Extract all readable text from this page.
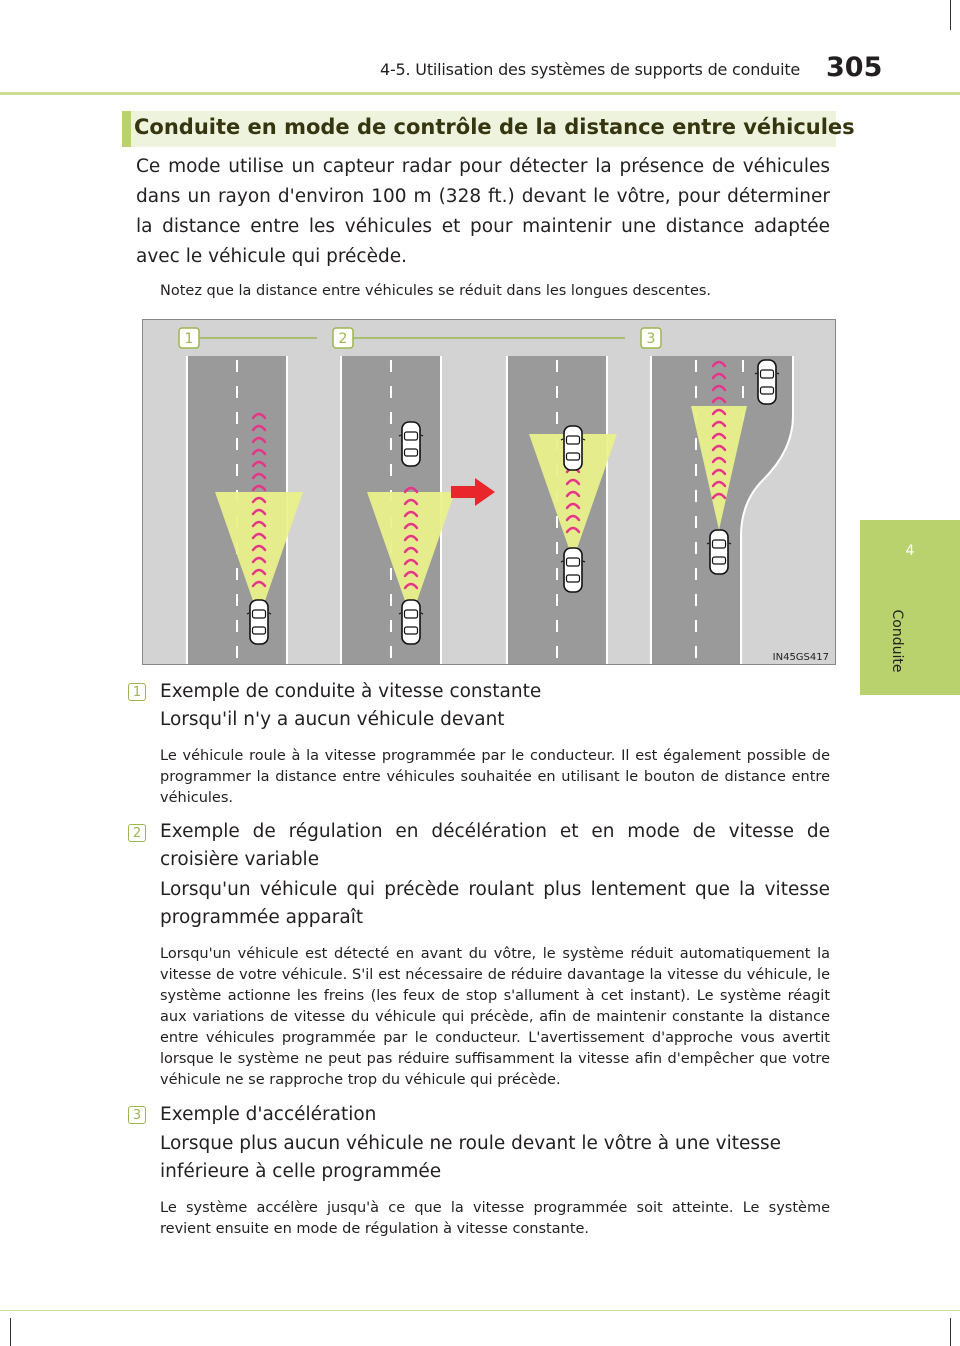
4-5. Utilisation des systèmes de supports de conduite 305
4
Conduite
Conduite en mode de contrôle de la distance entre véhicules
Ce mode utilise un capteur radar pour détecter la présence de véhicules dans un rayon d'environ 100 m (328 ft.) devant le vôtre, pour déterminer la distance entre les véhicules et pour maintenir une distance adaptée avec le véhicule qui précède.
Notez que la distance entre véhicules se réduit dans les longues descentes.
1	2	3
IN45GS417
1 Exemple de conduite à vitesse constante
Lorsqu'il n'y a aucun véhicule devant
Le véhicule roule à la vitesse programmée par le conducteur. Il est également possible de programmer la distance entre véhicules souhaitée en utilisant le bouton de distance entre véhicules.
2 Exemple de régulation en décélération et en mode de vitesse de croisière variable
Lorsqu'un véhicule qui précède roulant plus lentement que la vitesse programmée apparaît
Lorsqu'un véhicule est détecté en avant du vôtre, le système réduit automatiquement la vitesse de votre véhicule. S'il est nécessaire de réduire davantage la vitesse du véhicule, le système actionne les freins (les feux de stop s'allument à cet instant). Le système réagit aux variations de vitesse du véhicule qui précède, afin de maintenir constante la distance entre véhicules programmée par le conducteur. L'avertissement d'approche vous avertit lorsque le système ne peut pas réduire suffisamment la vitesse afin d'empêcher que votre véhicule ne se rapproche trop du véhicule qui précède.
3 Exemple d'accélération
Lorsque plus aucun véhicule ne roule devant le vôtre à une vitesse inférieure à celle programmée
Le système accélère jusqu'à ce que la vitesse programmée soit atteinte. Le système revient ensuite en mode de régulation à vitesse constante.
